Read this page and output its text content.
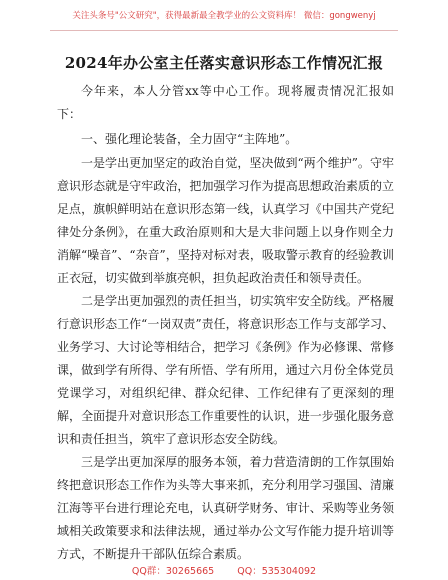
关注头条号"公文研究"，获得最新最全教学业的公文资料库！ 微信：gongwenyj
2024年办公室主任落实意识形态工作情况汇报

今年来，本人分管xx等中心工作。现将履责情况汇报如下：

一、强化理论装备，全力固守“主阵地”。

一是学出更加坚定的政治自觉，坚决做到“两个维护”。守牢意识形态就是守牢政治，把加强学习作为提高思想政治素质的立足点，旗帜鲜明站在意识形态第一线，认真学习《中国共产党纪律处分条例》，在重大政治原则和大是大非问题上以身作则全力消解“噪音”、“杂音”，坚持对标对表，吸取警示教育的经验教训正衣冠，切实做到举旗亮帜，担负起政治责任和领导责任。

二是学出更加强烈的责任担当，切实筑牢安全防线。严格履行意识形态工作“一岗双责”责任，将意识形态工作与支部学习、业务学习、大讨论等相结合，把学习《条例》作为必修课、常修课，做到学有所得、学有所悟、学有所用，通过六月份全体党员党课学习，对组织纪律、群众纪律、工作纪律有了更深刻的理解，全面提升对意识形态工作重要性的认识，进一步强化服务意识和责任担当，筑牢了意识形态安全防线。

三是学出更加深厚的服务本领，着力营造清朗的工作氛围始终把意识形态工作作为头等大事来抓，充分利用学习强国、清廉江海等平台进行理论充电，认真研学财务、审计、采购等业务领域相关政策要求和法律法规，通过举办公文写作能力提升培训等方式，不断提升干部队伍综合素质。

QQ群：30265665 QQ：535304092
